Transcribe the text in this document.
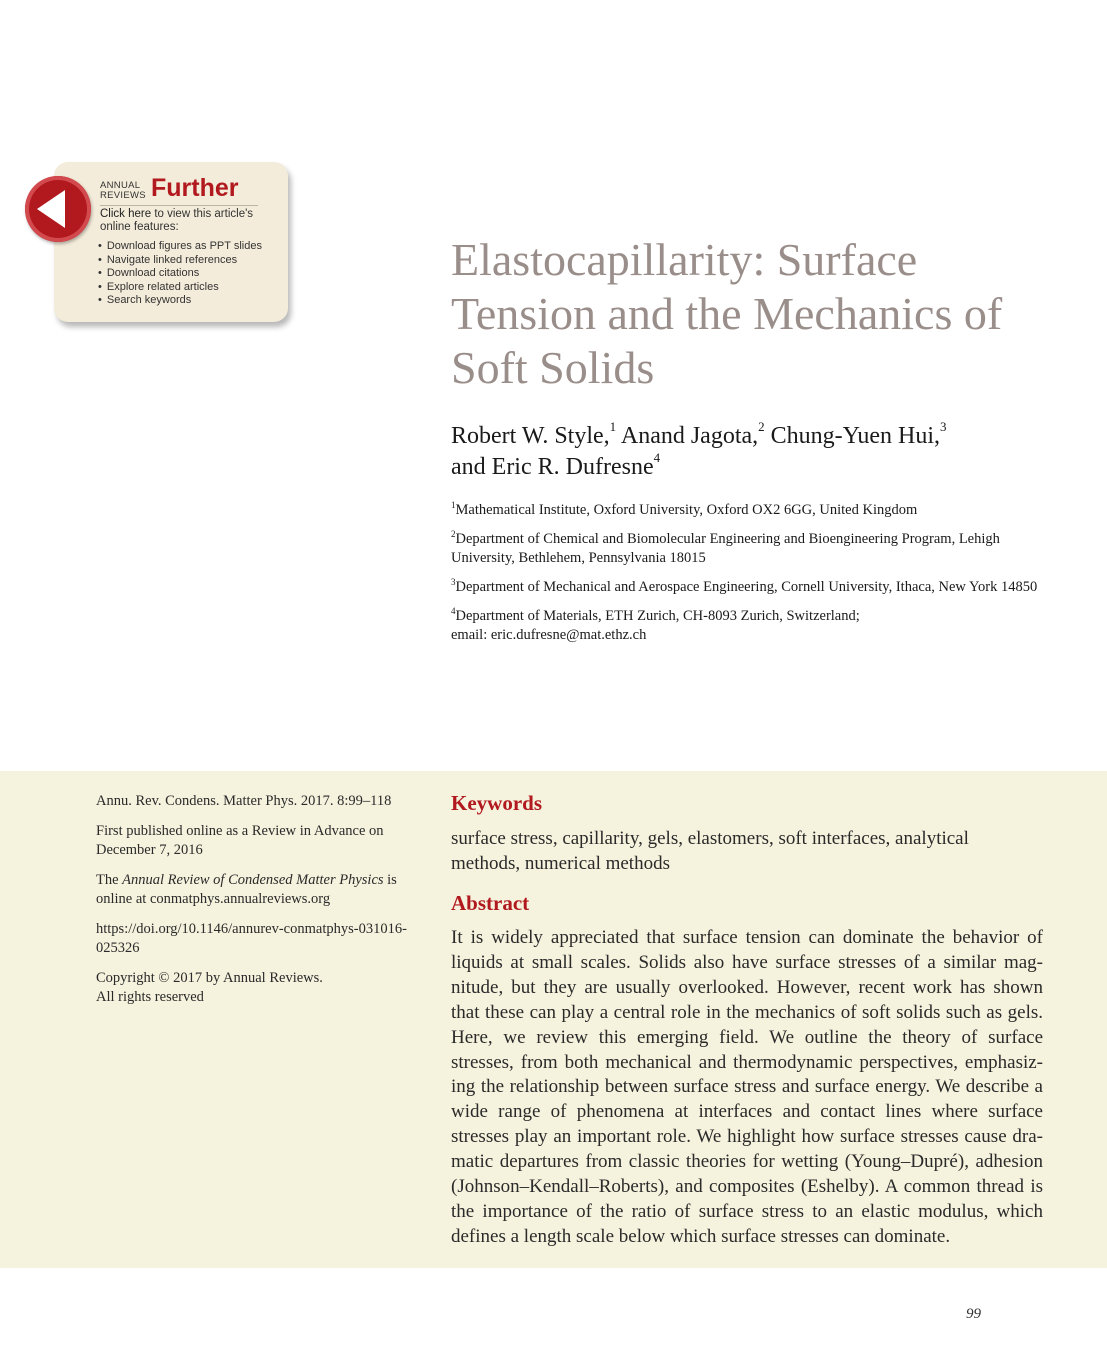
ANNUAL
REVIEWS Further
Click here to view this article's online features:
• Download figures as PPT slides
• Navigate linked references
• Download citations
• Explore related articles
• Search keywords
Elastocapillarity: Surface Tension and the Mechanics of Soft Solids
Robert W. Style,$^1$ Anand Jagota,$^2$ Chung-Yuen Hui,$^3$
and Eric R. Dufresne$^4$

$^1$Mathematical Institute, Oxford University, Oxford OX2 6GG, United Kingdom

$^2$Department of Chemical and Biomolecular Engineering and Bioengineering Program, Lehigh University, Bethlehem, Pennsylvania 18015

$^3$Department of Mechanical and Aerospace Engineering, Cornell University, Ithaca, New York 14850

$^4$Department of Materials, ETH Zurich, CH-8093 Zurich, Switzerland;
email: eric.dufresne@mat.ethz.ch

Annu. Rev. Condens. Matter Phys. 2017. 8:99–118

First published online as a Review in Advance on December 7, 2016

The Annual Review of Condensed Matter Physics is online at conmatphys.annualreviews.org

https://doi.org/10.1146/annurev-conmatphys-031016-025326

Copyright © 2017 by Annual Reviews.
All rights reserved

Keywords
surface stress, capillarity, gels, elastomers, soft interfaces, analytical methods, numerical methods
Abstract
It is widely appreciated that surface tension can dominate the behavior of liquids at small scales. Solids also have surface stresses of a similar mag-nitude, but they are usually overlooked. However, recent work has shown that these can play a central role in the mechanics of soft solids such as gels. Here, we review this emerging field. We outline the theory of surface stresses, from both mechanical and thermodynamic perspectives, emphasiz-ing the relationship between surface stress and surface energy. We describe a wide range of phenomena at interfaces and contact lines where surface stresses play an important role. We highlight how surface stresses cause dra-matic departures from classic theories for wetting (Young–Dupré), adhesion (Johnson–Kendall–Roberts), and composites (Eshelby). A common thread is the importance of the ratio of surface stress to an elastic modulus, which defines a length scale below which surface stresses can dominate.
99
